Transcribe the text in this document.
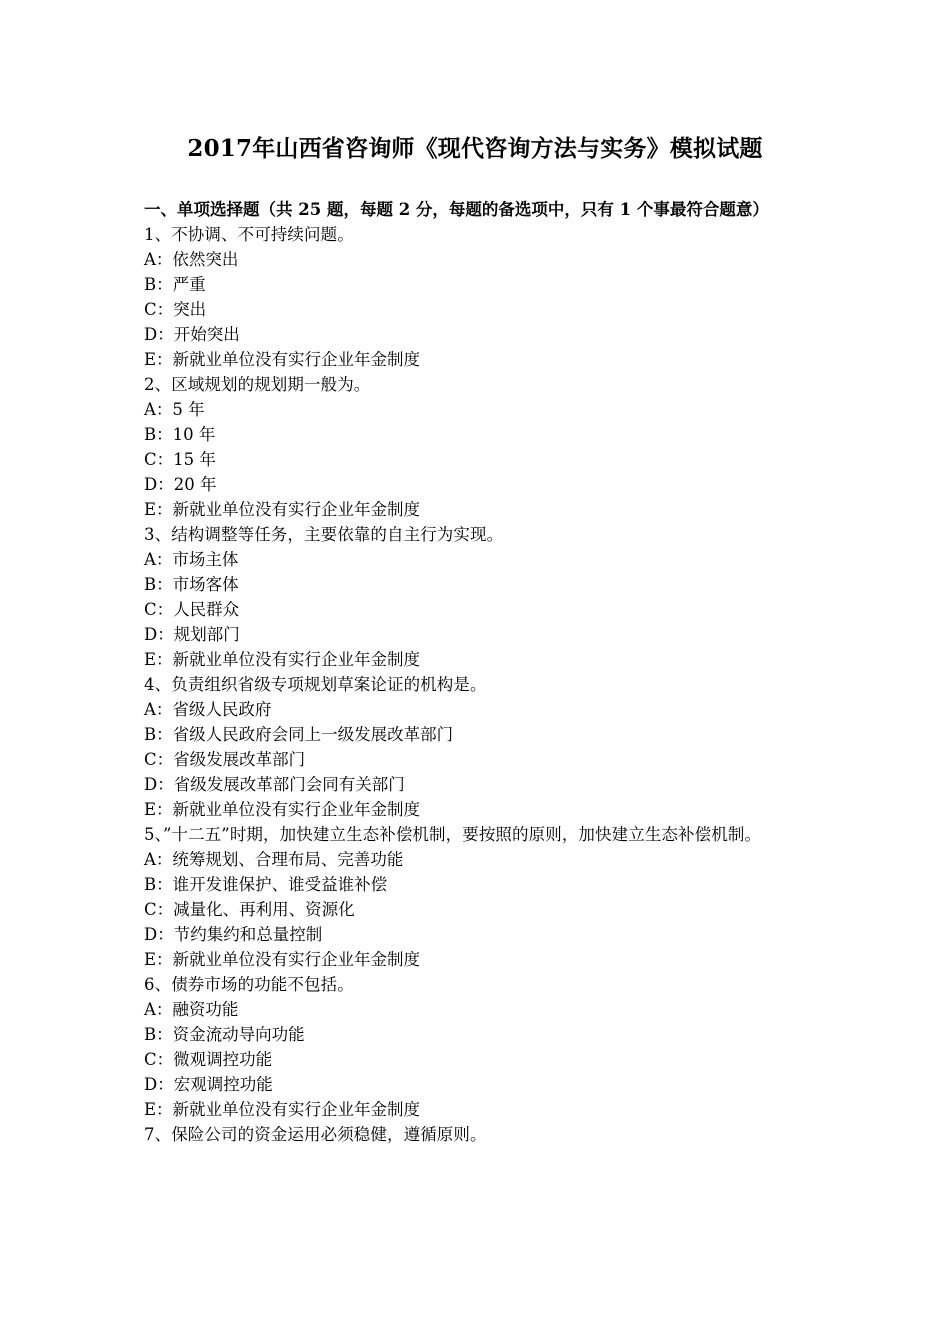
2017年山西省咨询师《现代咨询方法与实务》模拟试题

一、单项选择题（共 25 题，每题 2 分，每题的备选项中，只有 1 个事最符合题意）

1、不协调、不可持续问题。

A：依然突出
B：严重
C：突出
D：开始突出
E：新就业单位没有实行企业年金制度

2、区域规划的规划期一般为。

A：5 年
B：10 年
C：15 年
D：20 年
E：新就业单位没有实行企业年金制度

3、结构调整等任务，主要依靠的自主行为实现。

A：市场主体
B：市场客体
C：人民群众
D：规划部门
E：新就业单位没有实行企业年金制度

4、负责组织省级专项规划草案论证的机构是。

A：省级人民政府
B：省级人民政府会同上一级发展改革部门
C：省级发展改革部门
D：省级发展改革部门会同有关部门
E：新就业单位没有实行企业年金制度

5、”十二五”时期，加快建立生态补偿机制，要按照的原则，加快建立生态补偿机制。

A：统筹规划、合理布局、完善功能
B：谁开发谁保护、谁受益谁补偿
C：减量化、再利用、资源化
D：节约集约和总量控制
E：新就业单位没有实行企业年金制度

6、债券市场的功能不包括。

A：融资功能
B：资金流动导向功能
C：微观调控功能
D：宏观调控功能
E：新就业单位没有实行企业年金制度

7、保险公司的资金运用必须稳健，遵循原则。
